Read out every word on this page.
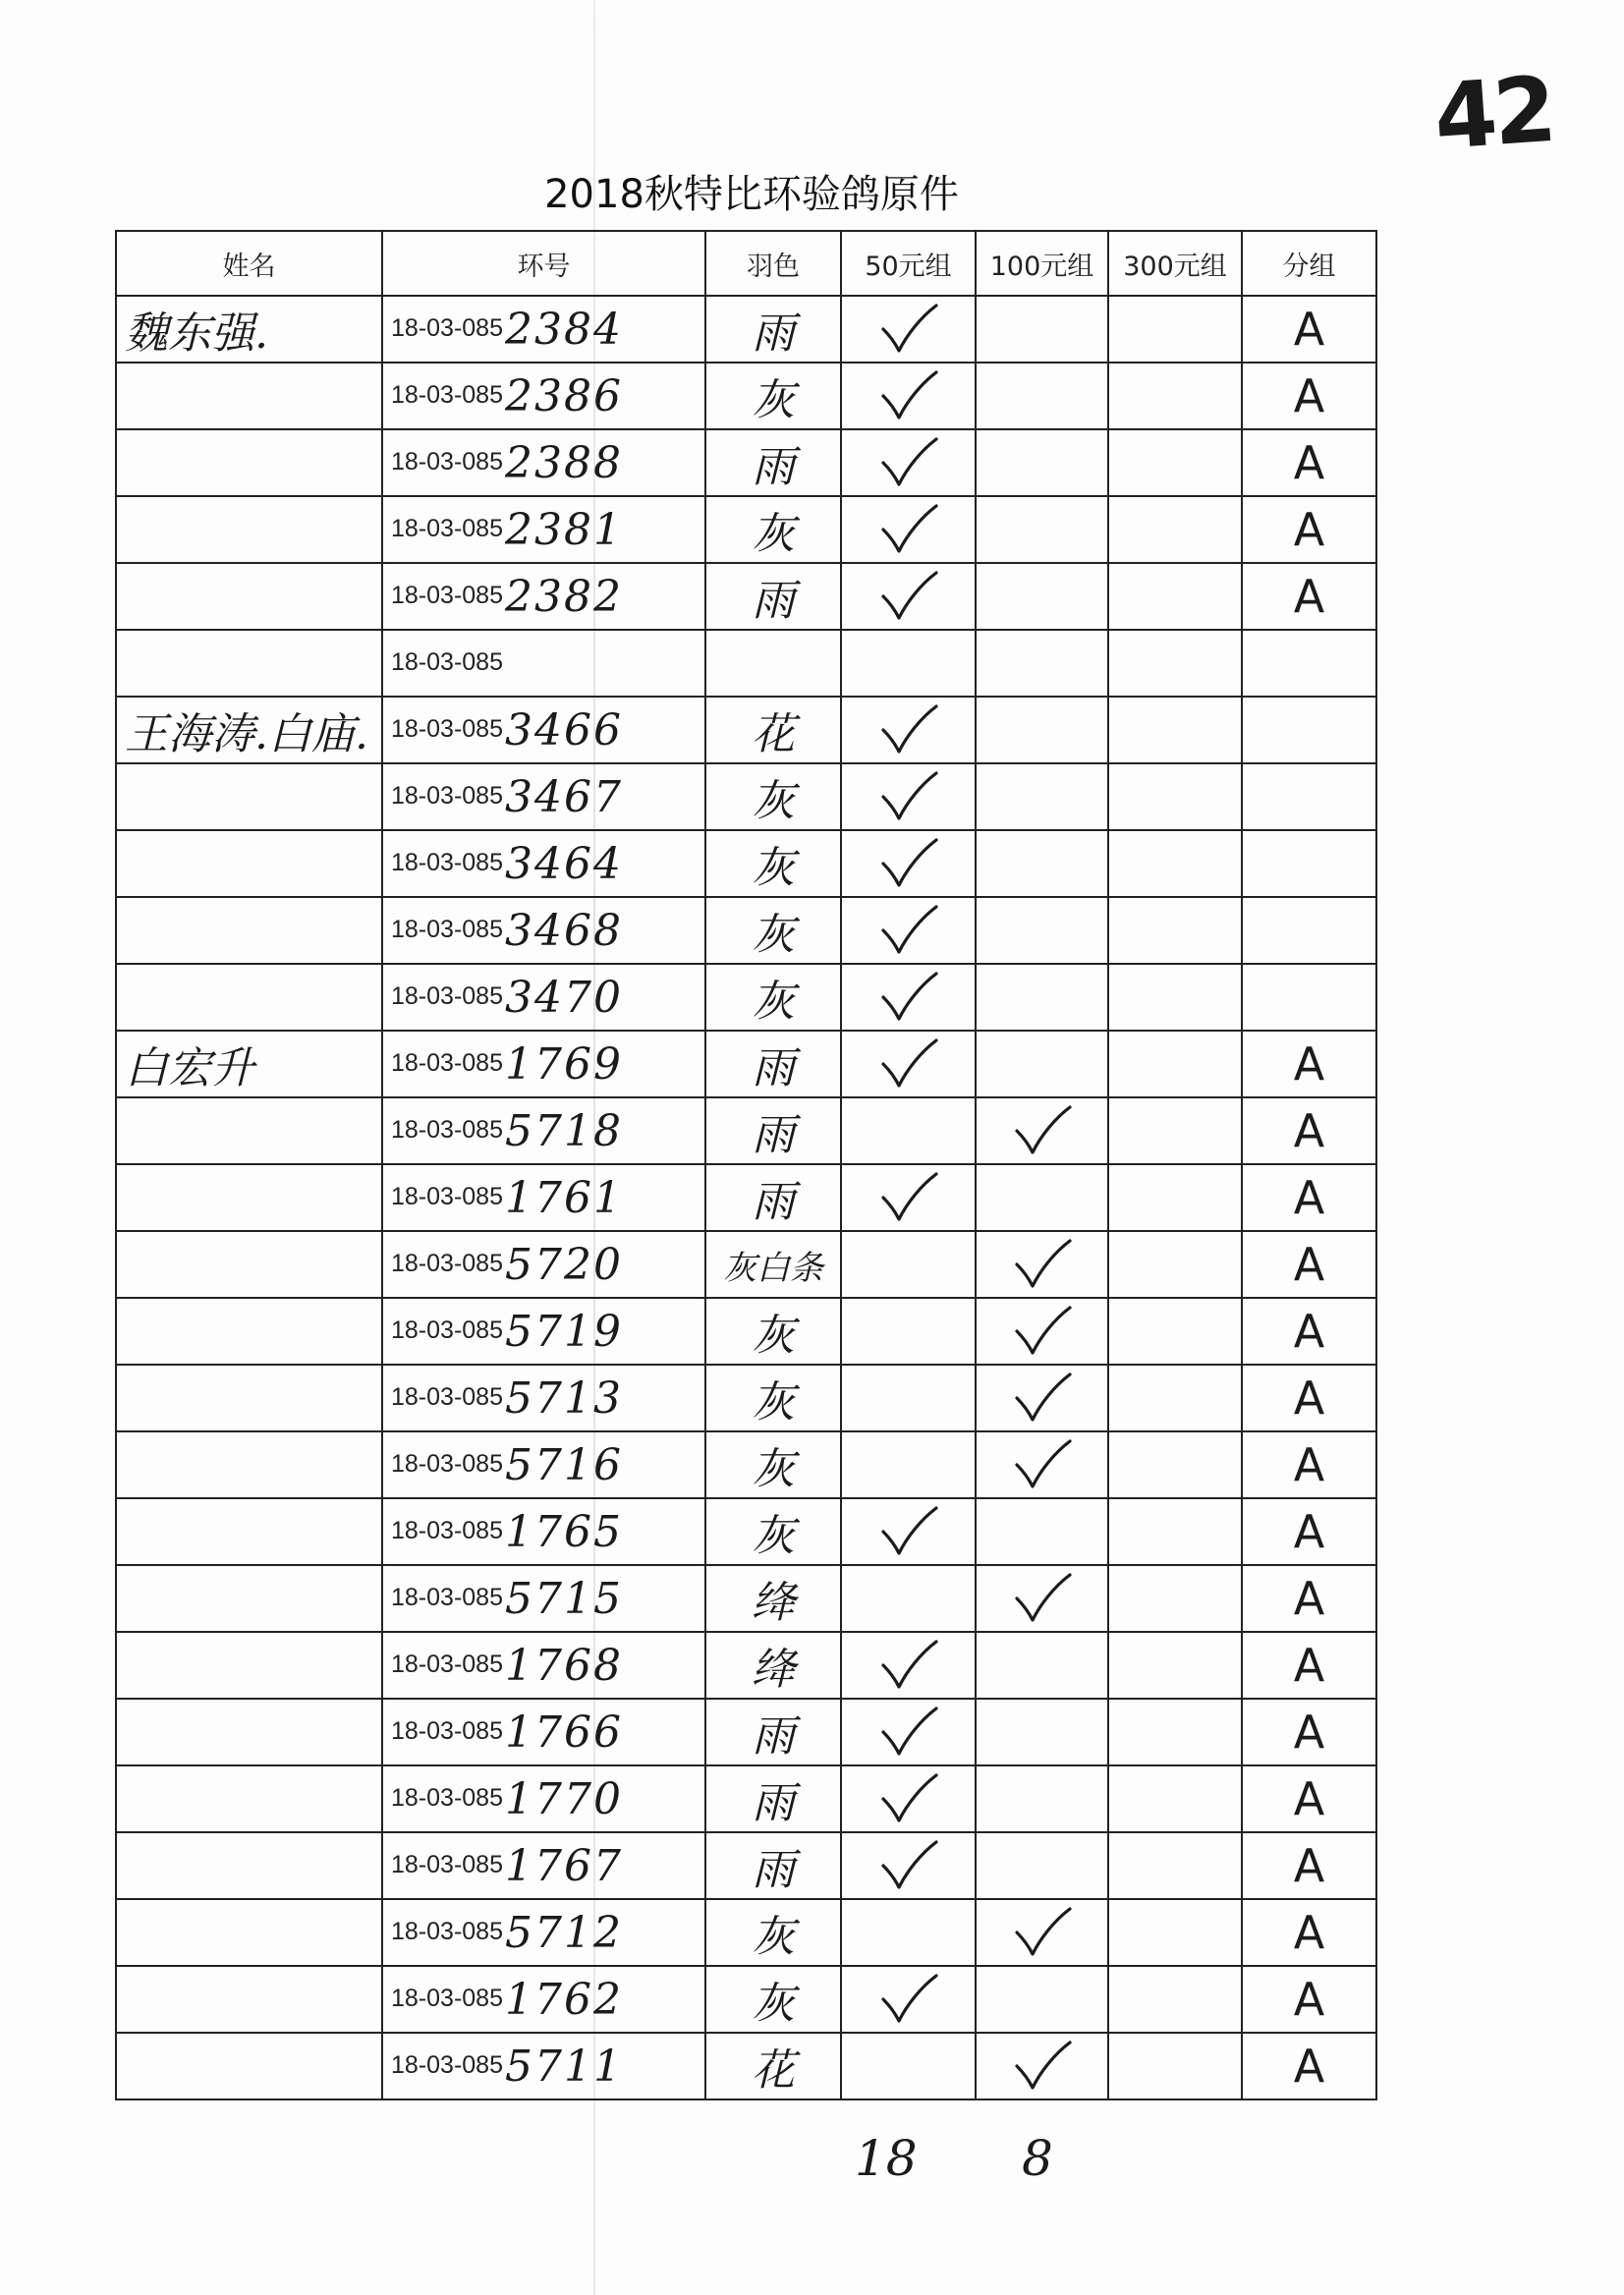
42
2018秋特比环验鸽原件
姓名	环号	羽色	50元组	100元组	300元组	分组
魏东强.	18-03-0852384	雨				A
	18-03-0852386	灰				A
	18-03-0852388	雨				A
	18-03-0852381	灰				A
	18-03-0852382	雨				A
	18-03-085					
王海涛.白庙.	18-03-0853466	花	

	18-03-0853467	灰	

	18-03-0853464	灰	

	18-03-0853468	灰	

	18-03-0853470	灰	

白宏升	18-03-0851769	雨				A
	18-03-0855718	雨				A
	18-03-0851761	雨				A
	18-03-0855720	灰白条				A
	18-03-0855719	灰				A
	18-03-0855713	灰				A
	18-03-0855716	灰				A
	18-03-0851765	灰				A
	18-03-0855715	绛				A
	18-03-0851768	绛				A
	18-03-0851766	雨				A
	18-03-0851770	雨				A
	18-03-0851767	雨				A
	18-03-0855712	灰				A
	18-03-0851762	灰				A
	18-03-0855711	花				A
18 8
